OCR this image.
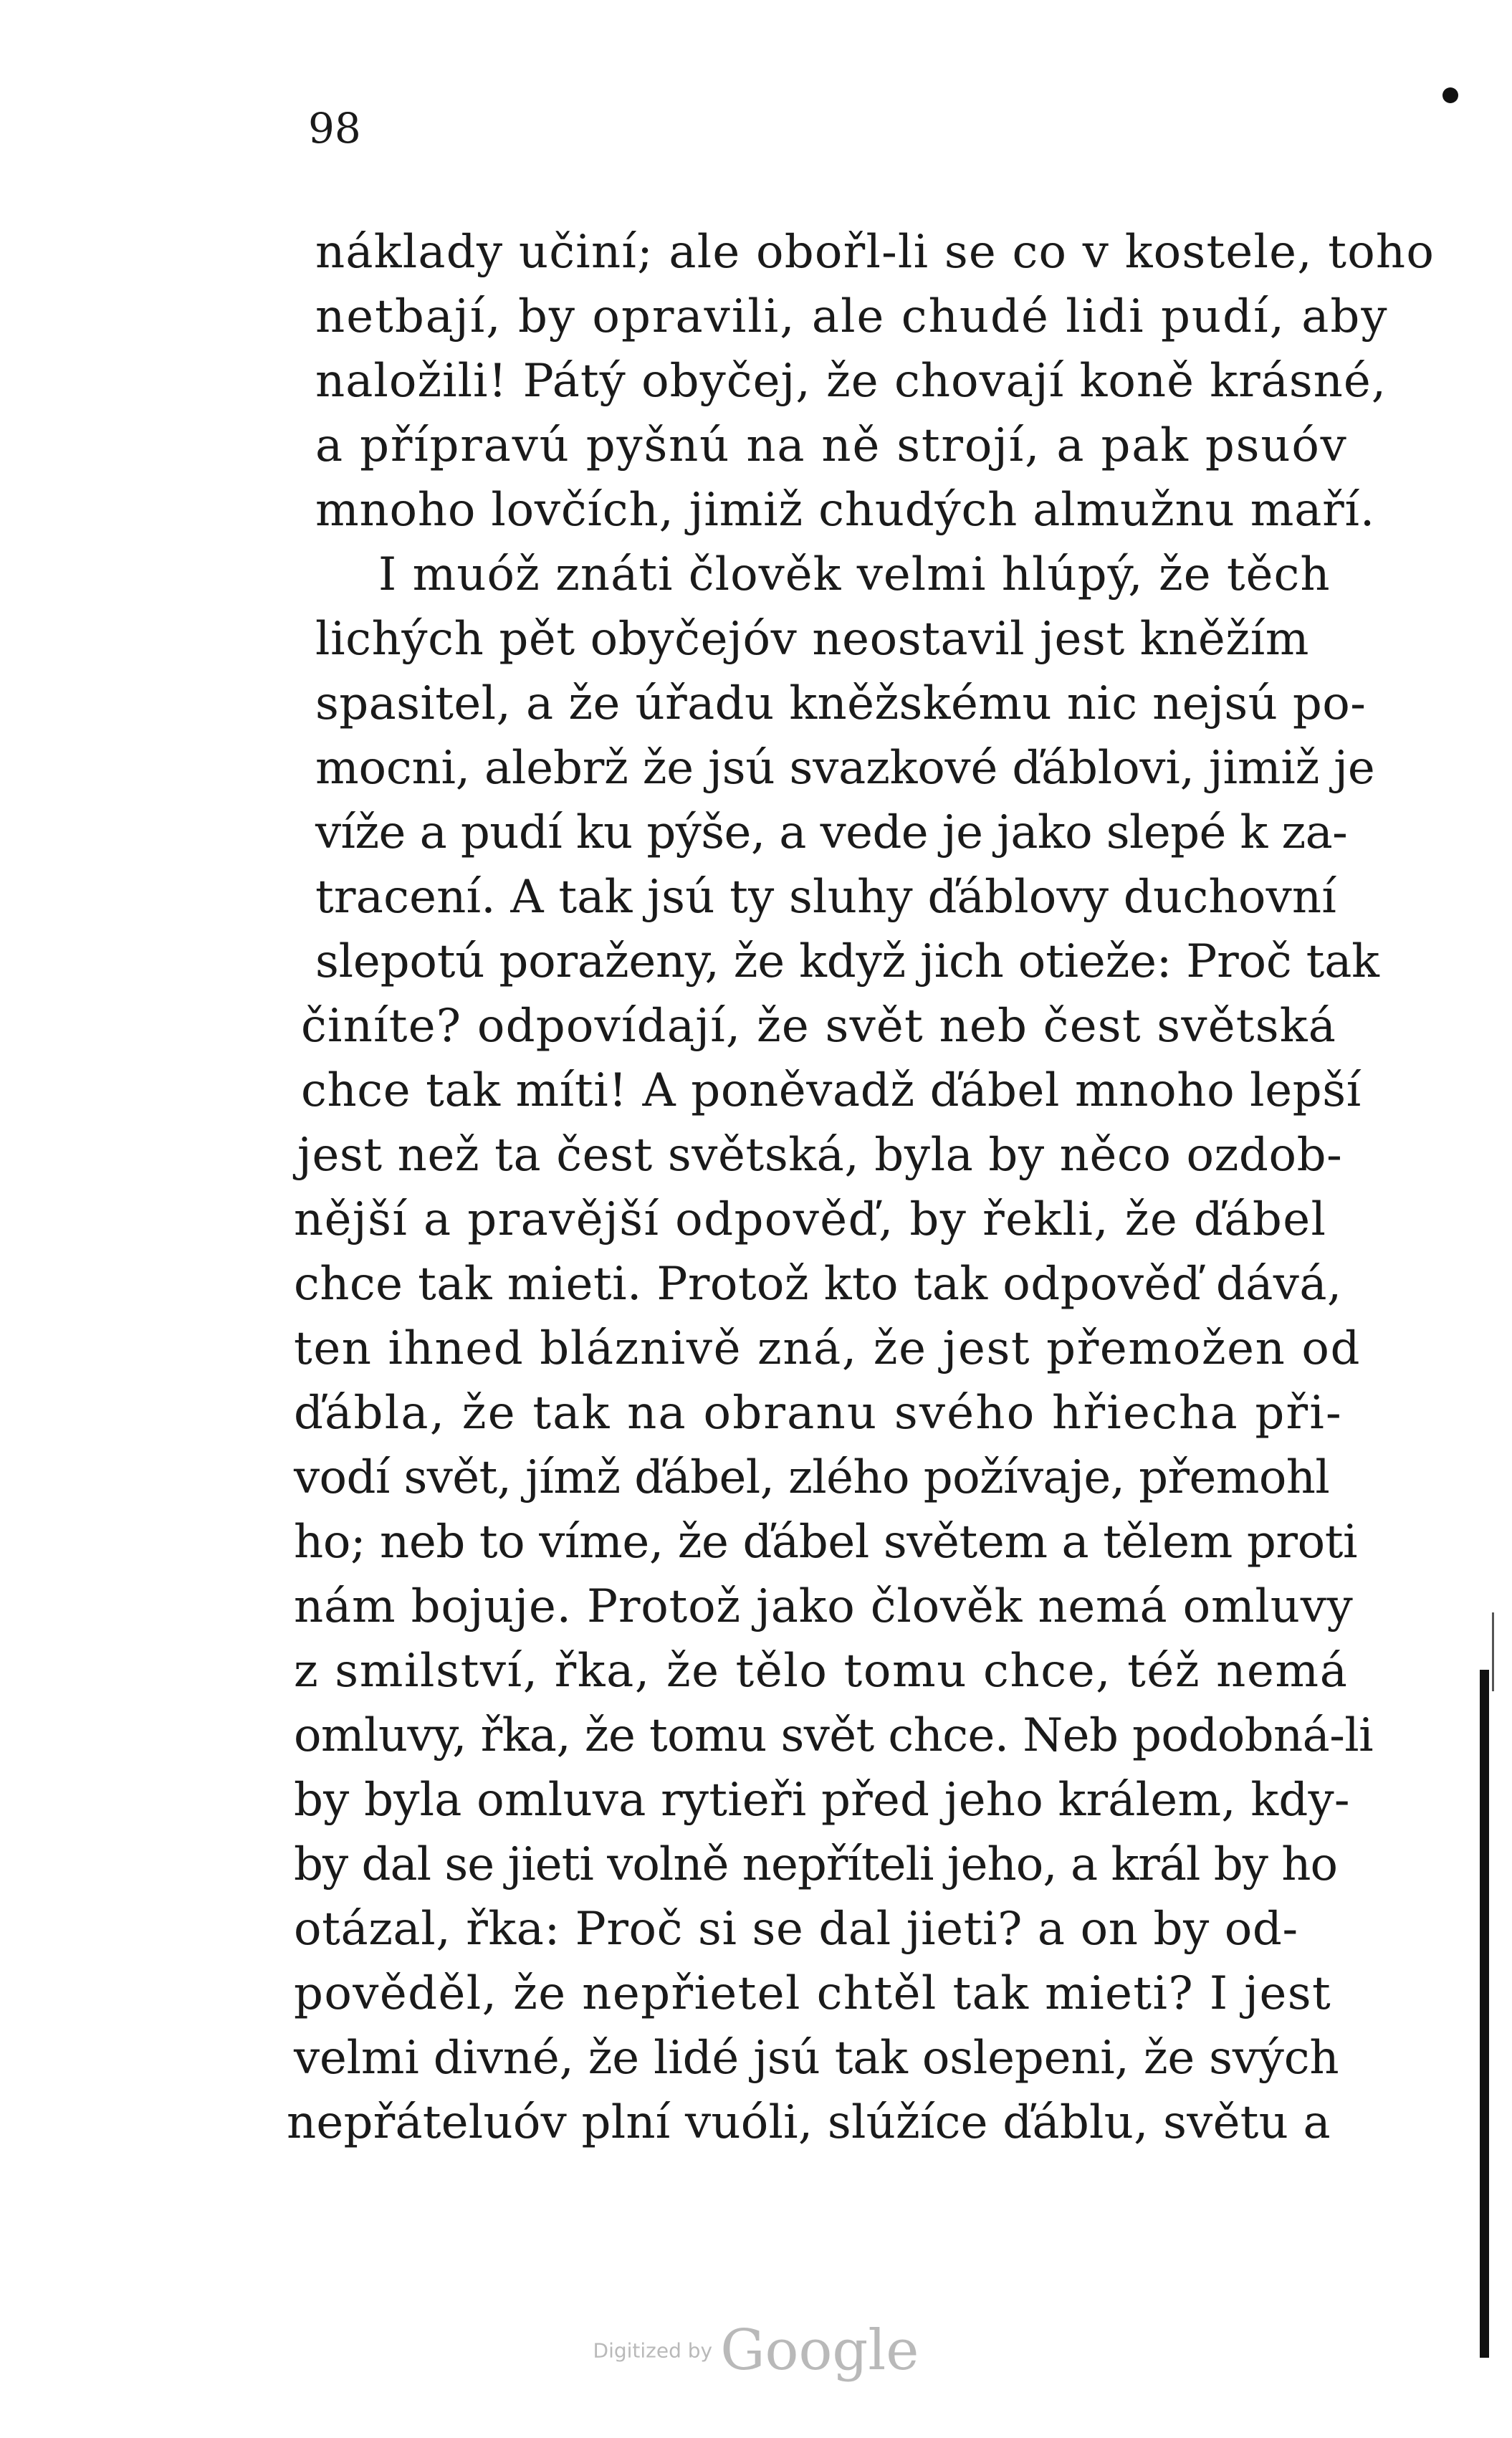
98
náklady učiní; ale obořl-li se co v kostele, toho
netbají, by opravili, ale chudé lidi pudí, aby
naložili! Pátý obyčej, že chovají koně krásné,
a přípravú pyšnú na ně strojí, a pak psuóv
mnoho lovčích, jimiž chudých almužnu maří.
I muóž znáti člověk velmi hlúpý, že těch
lichých pět obyčejóv neostavil jest kněžím
spasitel, a že úřadu kněžskému nic nejsú po-
mocni, alebrž že jsú svazkové ďáblovi, jimiž je
víže a pudí ku pýše, a vede je jako slepé k za-
tracení. A tak jsú ty sluhy ďáblovy duchovní
slepotú poraženy, že když jich otieže: Proč tak
činíte? odpovídají, že svět neb čest světská
chce tak míti! A poněvadž ďábel mnoho lepší
jest než ta čest světská, byla by něco ozdob-
nější a pravější odpověď, by řekli, že ďábel
chce tak mieti. Protož kto tak odpověď dává,
ten ihned bláznivě zná, že jest přemožen od
ďábla, že tak na obranu svého hřiecha při-
vodí svět, jímž ďábel, zlého požívaje, přemohl
ho; neb to víme, že ďábel světem a tělem proti
nám bojuje. Protož jako člověk nemá omluvy
z smilství, řka, že tělo tomu chce, též nemá
omluvy, řka, že tomu svět chce. Neb podobná-li
by byla omluva rytieři před jeho králem, kdy-
by dal se jieti volně nepříteli jeho, a král by ho
otázal, řka: Proč si se dal jieti? a on by od-
pověděl, že nepřietel chtěl tak mieti? I jest
velmi divné, že lidé jsú tak oslepeni, že svých
nepřáteluóv plní vuóli, slúžíce ďáblu, světu a
Digitized by Google
